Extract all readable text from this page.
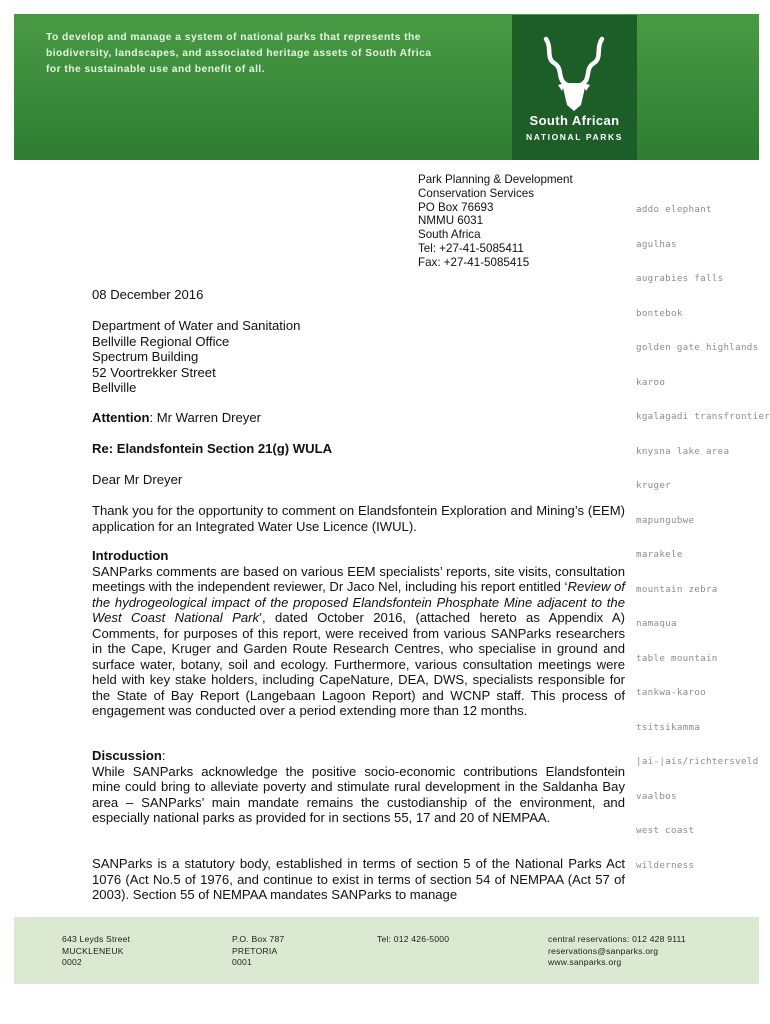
To develop and manage a system of national parks that represents the
biodiversity, landscapes, and associated heritage assets of South Africa
for the sustainable use and benefit of all.
South African
NATIONAL PARKS
Park Planning & Development
Conservation Services
PO Box 76693
NMMU 6031
South Africa
Tel: +27-41-5085411
Fax: +27-41-5085415
addo elephant
agulhas
augrabies falls
bontebok
golden gate highlands
karoo
kgalagadi transfrontier
knysna lake area
kruger
mapungubwe
marakele
mountain zebra
namaqua
table mountain
tankwa-karoo
tsitsikamma
|ai-|ais/richtersveld
vaalbos
west coast
wilderness
08 December 2016
Department of Water and Sanitation
Bellville Regional Office
Spectrum Building
52 Voortrekker Street
Bellville
Attention: Mr Warren Dreyer
Re: Elandsfontein Section 21(g) WULA
Dear Mr Dreyer
Thank you for the opportunity to comment on Elandsfontein Exploration and Mining’s (EEM) application for an Integrated Water Use Licence (IWUL).
Introduction

SANParks comments are based on various EEM specialists’ reports, site visits, consultation meetings with the independent reviewer, Dr Jaco Nel, including his report entitled ‘Review of the hydrogeological impact of the proposed Elandsfontein Phosphate Mine adjacent to the West Coast National Park’, dated October 2016, (attached hereto as Appendix A) Comments, for purposes of this report, were received from various SANParks researchers in the Cape, Kruger and Garden Route Research Centres, who specialise in ground and surface water, botany, soil and ecology. Furthermore, various consultation meetings were held with key stake holders, including CapeNature, DEA, DWS, specialists responsible for the State of Bay Report (Langebaan Lagoon Report) and WCNP staff. This process of engagement was conducted over a period extending more than 12 months.

Discussion:

While SANParks acknowledge the positive socio-economic contributions Elandsfontein mine could bring to alleviate poverty and stimulate rural development in the Saldanha Bay area – SANParks’ main mandate remains the custodianship of the environment, and especially national parks as provided for in sections 55, 17 and 20 of NEMPAA.

SANParks is a statutory body, established in terms of section 5 of the National Parks Act 1076 (Act No.5 of 1976, and continue to exist in terms of section 54 of NEMPAA (Act 57 of 2003). Section 55 of NEMPAA mandates SANParks to manage
643 Leyds Street
MUCKLENEUK
0002
P.O. Box 787
PRETORIA
0001
Tel: 012 426-5000	central reservations: 012 428 9111
reservations@sanparks.org
www.sanparks.org
